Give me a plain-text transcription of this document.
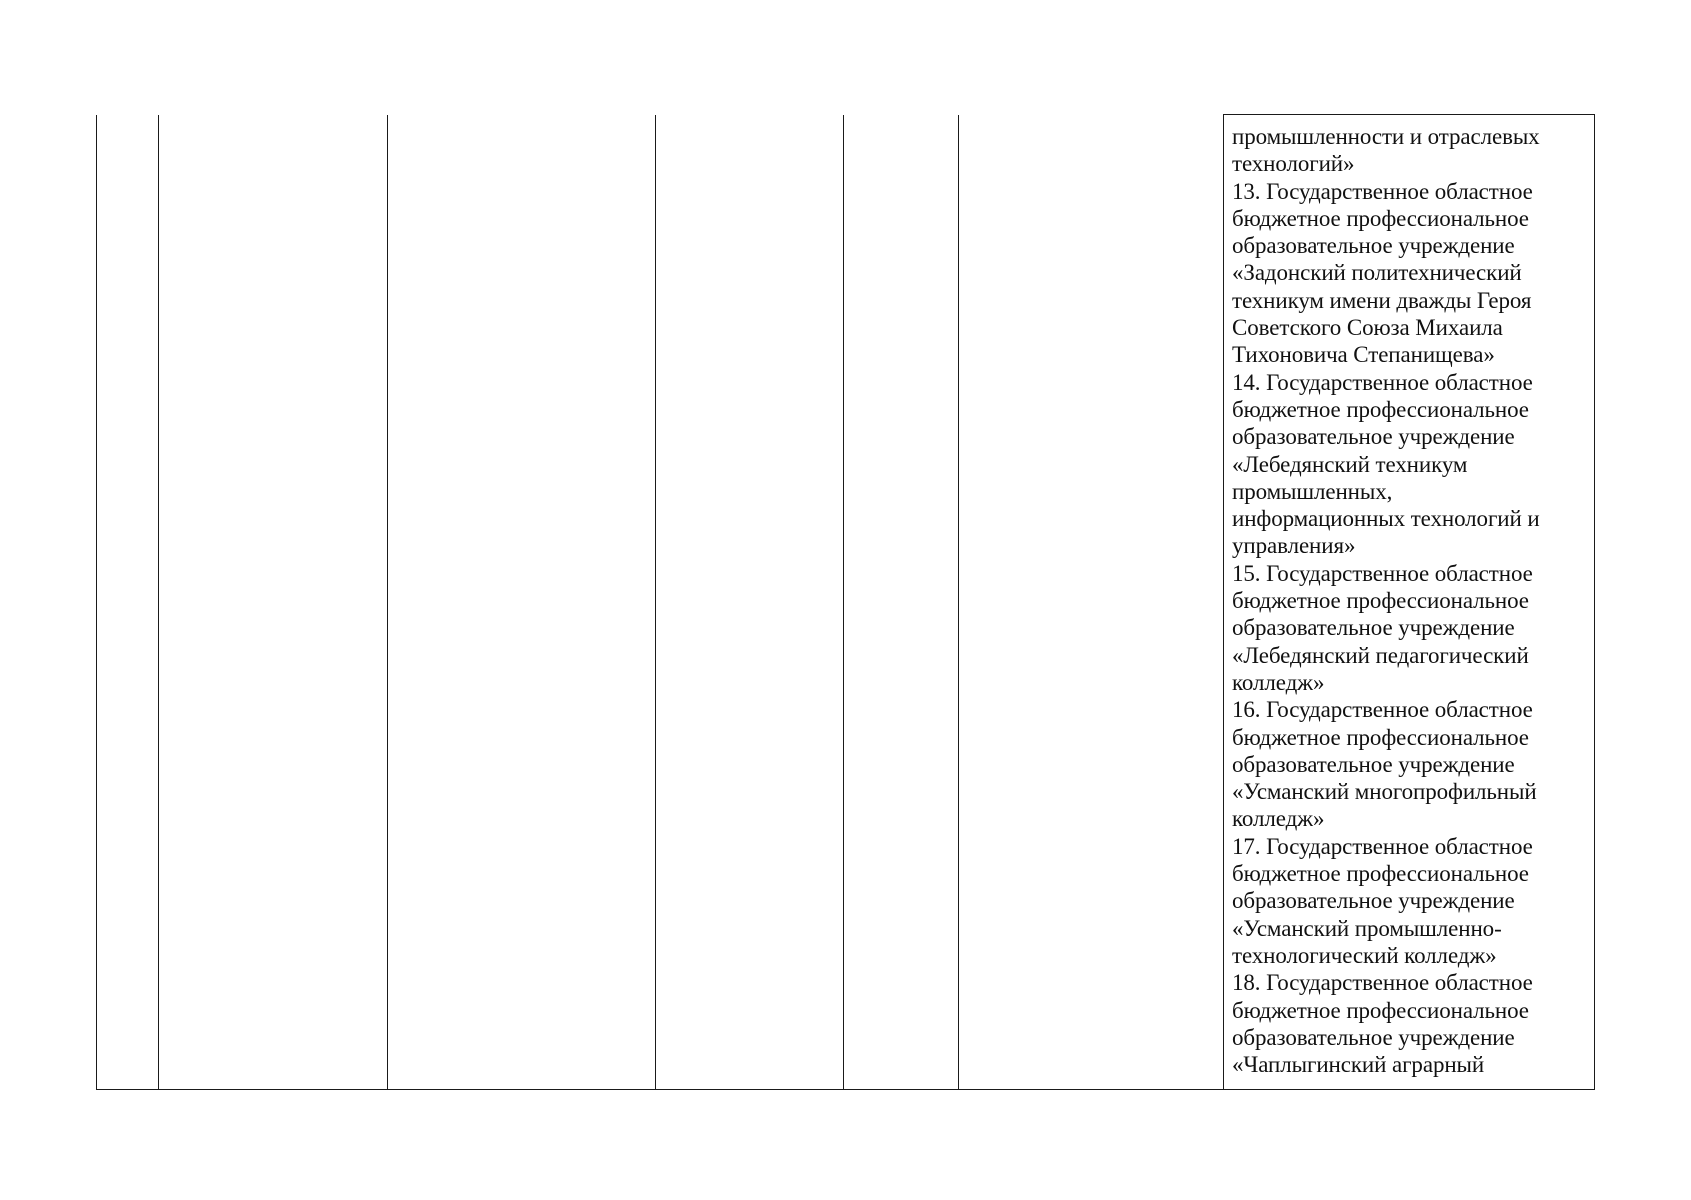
промышленности и отраслевых
технологий»
13. Государственное областное
бюджетное профессиональное
образовательное учреждение
«Задонский политехнический
техникум имени дважды Героя
Советского Союза Михаила
Тихоновича Степанищева»
14. Государственное областное
бюджетное профессиональное
образовательное учреждение
«Лебедянский техникум
промышленных,
информационных технологий и
управления»
15. Государственное областное
бюджетное профессиональное
образовательное учреждение
«Лебедянский педагогический
колледж»
16. Государственное областное
бюджетное профессиональное
образовательное учреждение
«Усманский многопрофильный
колледж»
17. Государственное областное
бюджетное профессиональное
образовательное учреждение
«Усманский промышленно-
технологический колледж»
18. Государственное областное
бюджетное профессиональное
образовательное учреждение
«Чаплыгинский аграрный
